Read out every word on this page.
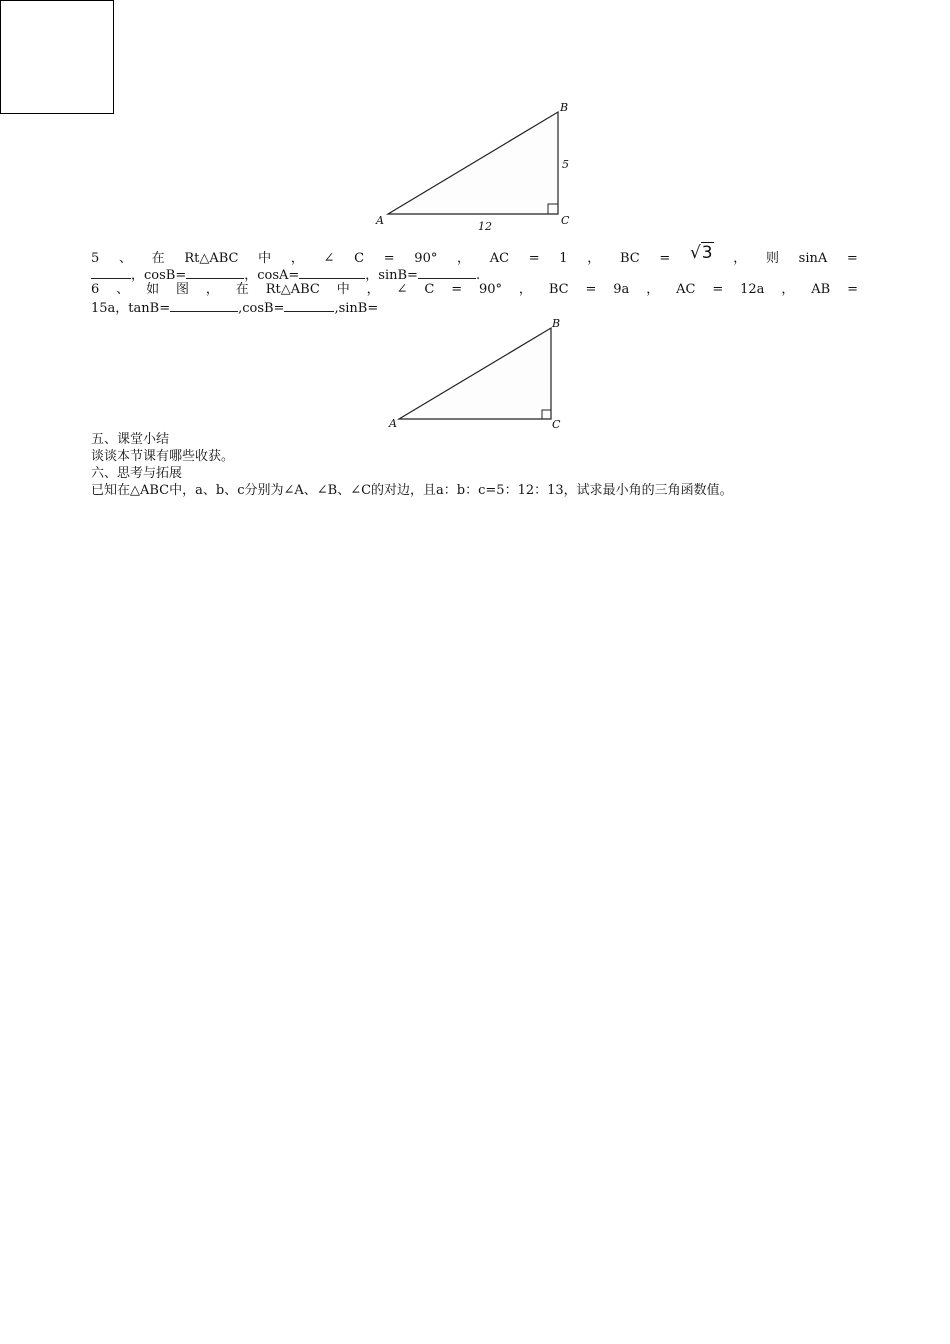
A
B
C
5
12
5 、 在 Rt△ABC 中 ， ∠ C = 90° ， AC = 1 ， BC = √3 ， 则 sinA =
，cosB=	，cosA=	，sinB=	.
6 、 如 图 ， 在 Rt△ABC 中 ， ∠ C = 90° ， BC = 9a ， AC = 12a ， AB =
15a，tanB=	,cosB=	,sinB=
A
B
C
五、课堂小结
谈谈本节课有哪些收获。
六、思考与拓展
已知在△ABC中，a、b、c分别为∠A、∠B、∠C的对边，且a：b：c=5：12：13，试求最小角的三角函数值。
